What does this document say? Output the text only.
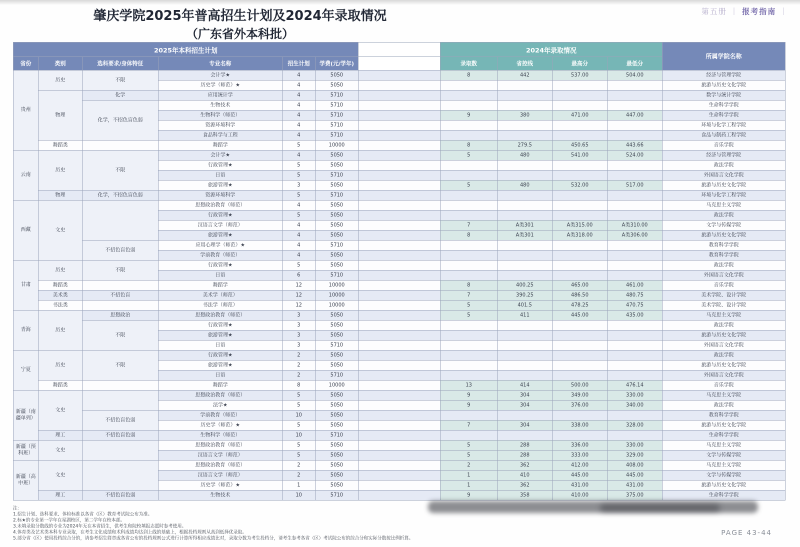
第五册 ｜ 报考指南 ｜
肇庆学院2025年普高招生计划及2024年录取情况
（广东省外本科批）
2025年本科招生计划							2024年录取情况				所属学院名称
省份	类别	选科要求/身体特征	专业名称	招生计划	学费(元/学年)		录取数	省控线	最高分	最低分	
贵州	历史	不限	会计学★	4	5050		8	442	537.00	504.00	经济与管理学院
			历史学（师范）★	4	5050						旅游与历史文化学院
	物理	化学	应用统计学	4	5710						数学与统计学院
		化学，不招色盲色弱	生物技术	4	5710						生命科学学院
			生物科学（师范）	4	5710		9	380	471.00	447.00	生命科学学院
			资源环境科学	4	5710						环境与化学工程学院
			食品科学与工程	4	5710						食品与制药工程学院
	舞蹈类		舞蹈学	5	10000		8	279.5	450.65	443.66	音乐学院
云南	历史	不限	会计学★	4	5050		5	480	541.00	524.00	经济与管理学院
			行政管理★	5	5050						政法学院
			日语	5	5710						外国语言文化学院
			旅游管理★	3	5050		5	480	532.00	517.00	旅游与历史文化学院
	物理	化学，不招色盲色弱	资源环境科学	5	5710						环境与化学工程学院
西藏	文史		思想政治教育（师范）	4	5050						马克思主义学院
			行政管理★	5	5050						政法学院
			汉语言文学（师范）	4	5050		7	A类301	A类315.00	A类310.00	文学与传媒学院
			旅游管理★	4	5050		8	A类301	A类318.00	A类306.00	旅游与历史文化学院
		不招色盲色弱	应用心理学（师范）★	4	5710						教育科学学院
			学前教育（师范）	4	5050						教育科学学院
甘肃	历史	不限	行政管理★	5	5050						政法学院
			日语	6	5710						外国语言文化学院
	舞蹈类		舞蹈学	12	10000		8	400.25	465.00	461.00	音乐学院
	美术类	不招色盲	美术学（师范）	12	10000		7	390.25	486.50	480.75	美术学院、设计学院
	书法类		书法学（师范）	12	10000		5	401.5	478.25	470.75	美术学院、设计学院
青海	历史	思想政治	思想政治教育（师范）	3	5050		5	411	445.00	435.00	马克思主义学院
		不限	行政管理★	3	5050						政法学院
			旅游管理★	3	5050						旅游与历史文化学院
			日语	3	5710						外国语言文化学院
宁夏	历史	不限	行政管理★	2	5050						政法学院
			旅游管理★	2	5050						旅游与历史文化学院
			日语	2	5710						外国语言文化学院
	舞蹈类		舞蹈学	8	10000		13	414	500.00	476.14	音乐学院
新疆（南疆单列）	文史		思想政治教育（师范）	5	5050		9	304	349.00	330.00	马克思主义学院
			法学★	5	5050		9	304	376.00	340.00	政法学院
		不招色盲色弱	学前教育（师范）	10	5050						教育科学学院
			历史学（师范）★	5	5050		7	304	338.00	328.00	旅游与历史文化学院
	理工	不招色盲色弱	生物科学（师范）	10	5710						生命科学学院
新疆（预科班）	文史		思想政治教育（师范）	5	5050		5	288	336.00	330.00	马克思主义学院
			汉语言文学（师范）	5	5050		5	288	333.00	329.00	文学与传媒学院
新疆（高中班）	文史		思想政治教育（师范）	2	5050		2	362	412.00	408.00	马克思主义学院
			汉语言文学（师范）	2	5050		1	410	445.00	445.00	文学与传媒学院
			历史学（师范）★	1	5050		1	362	431.00	431.00	旅游与历史文化学院
	理工	不招色盲色弱	生物技术	10	5710		9	358	410.00	375.00	生命科学学院
注：
1.招生计划、选科要求、体检标准以各省（区）教育考试院公布为准。
2.标★的专业第一学年在星湖校区，第二学年在校本部。
3.未填录取分数线的专业为2024年无在本省招生，供考生和院校填报志愿时参考使用。
4.体育类及艺术类本科专业录取，在考生文化成绩和术科成绩均达到上线的基础上，根据投档规则从高到低择优录取。
5.部分省（区）使用投档综合分的，请参考招生简章或各省公布的投档规则公式进行计算所得相应成绩比对，录取分数为考生投档分，请考生参考各省（区）考试院公布的综合分和实际分数按比例折算。
PAGE 43-44
